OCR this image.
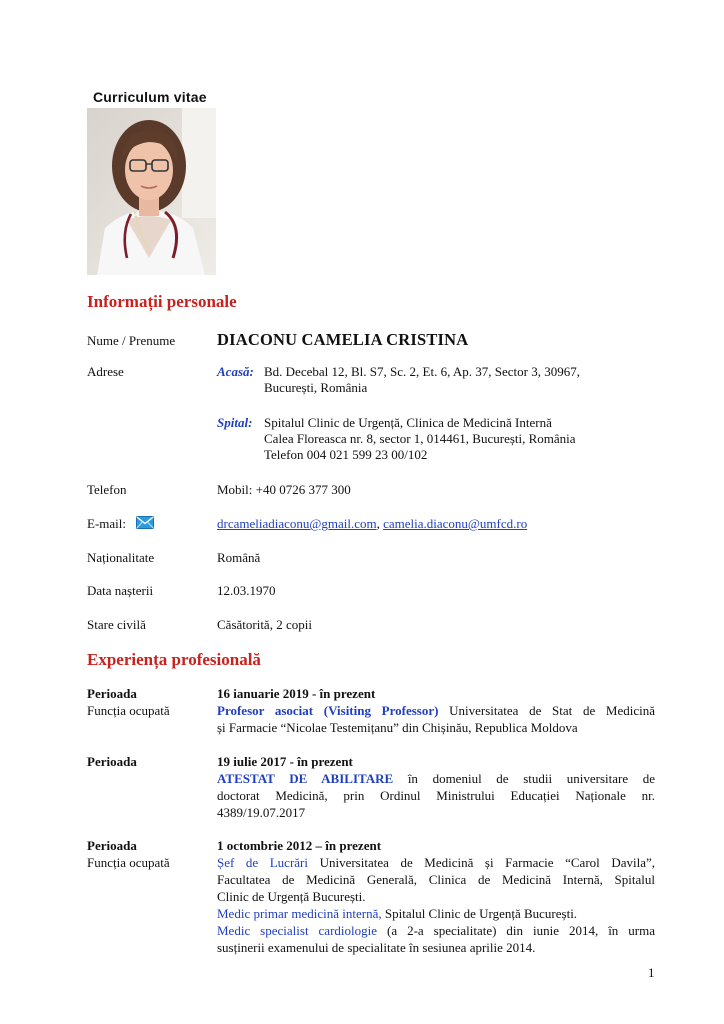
Curriculum vitae
Informații personale
Nume / Prenume	DIACONU CAMELIA CRISTINA
Adrese	Acasă: Bd. Decebal 12, Bl. S7, Sc. 2, Et. 6, Ap. 37, Sector 3, 30967,
București, România
Spital: Spitalul Clinic de Urgență, Clinica de Medicină Internă
Calea Floreasca nr. 8, sector 1, 014461, București, România
Telefon 004 021 599 23 00/102
Telefon	Mobil: +40 0726 377 300
E-mail:	drcameliadiaconu@gmail.com, camelia.diaconu@umfcd.ro
Naționalitate	Română
Data nașterii	12.03.1970
Stare civilă	Căsătorită, 2 copii
Experiența profesională
Perioada	16 ianuarie 2019 - în prezent
Funcția ocupată	Profesor asociat (Visiting Professor) Universitatea de Stat de Medicină
și Farmacie “Nicolae Testemițanu” din Chișinău, Republica Moldova
Perioada	19 iulie 2017 - în prezent
ATESTAT DE ABILITARE în domeniul de studii universitare de
doctorat Medicină, prin Ordinul Ministrului Educației Naționale nr.
4389/19.07.2017
Perioada	1 octombrie 2012 – în prezent
Funcția ocupată	Șef de Lucrări Universitatea de Medicină și Farmacie “Carol Davila”,
Facultatea de Medicină Generală, Clinica de Medicină Internă, Spitalul
Clinic de Urgență București.
Medic primar medicină internă, Spitalul Clinic de Urgență București.
Medic specialist cardiologie (a 2-a specialitate) din iunie 2014, în urma
susținerii examenului de specialitate în sesiunea aprilie 2014.
1
